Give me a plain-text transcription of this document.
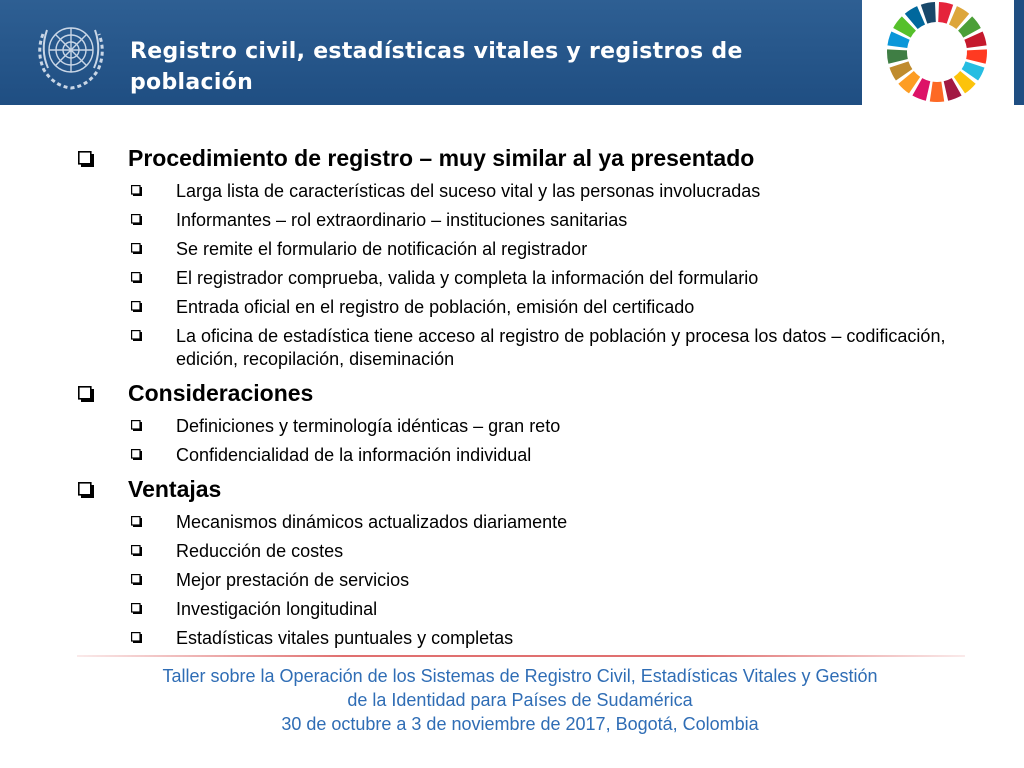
Registro civil, estadísticas vitales y registros de población
Procedimiento de registro – muy similar al ya presentado
Larga lista de características del suceso vital y las personas involucradas
Informantes – rol extraordinario – instituciones sanitarias
Se remite el formulario de notificación al registrador
El registrador comprueba, valida y completa la información del formulario
Entrada oficial en el registro de población, emisión del certificado
La oficina de estadística tiene acceso al registro de población y procesa los datos – codificación, edición, recopilación, diseminación
Consideraciones
Definiciones y terminología idénticas – gran reto
Confidencialidad de la información individual
Ventajas
Mecanismos dinámicos actualizados diariamente
Reducción de costes
Mejor prestación de servicios
Investigación longitudinal
Estadísticas vitales puntuales y completas
Taller sobre la Operación de los Sistemas de Registro Civil, Estadísticas Vitales y Gestión
de la Identidad para Países de Sudamérica
30 de octubre a 3 de noviembre de 2017, Bogotá, Colombia
